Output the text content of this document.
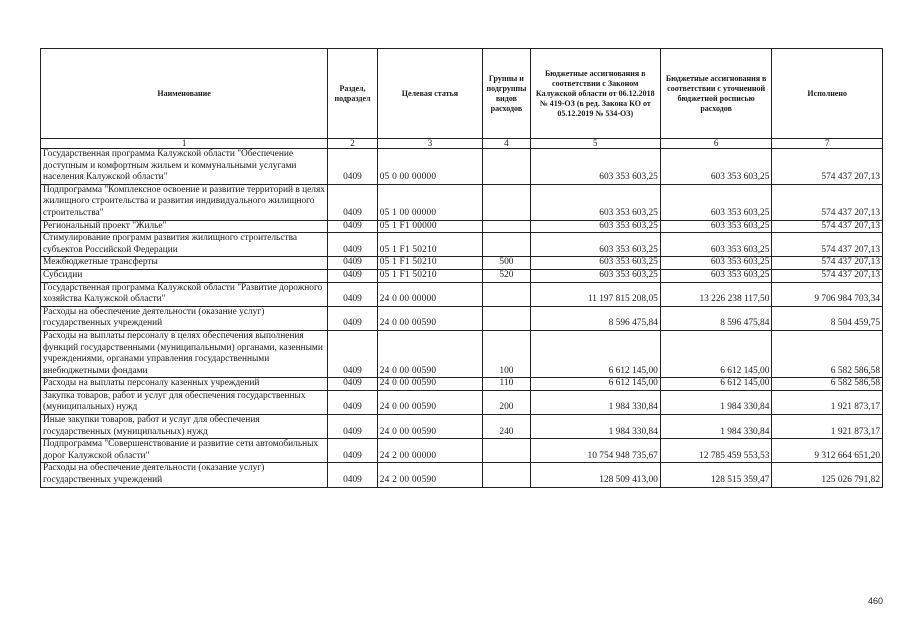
Наименование	Раздел, подраздел	Целевая статья	Группы и подгруппы видов расходов	Бюджетные ассигнования в соответствии с Законом Калужской области от 06.12.2018 № 419-ОЗ (в ред. Закона КО от 05.12.2019 № 534-ОЗ)	Бюджетные ассигнования в соответствии с уточненной бюджетной росписью расходов	Исполнено
1	2	3	4	5	6	7
Государственная программа Калужской области "Обеспечение доступным и комфортным жильем и коммунальными услугами населения Калужской области"	0409	05 0 00 00000		603 353 603,25	603 353 603,25	574 437 207,13
Подпрограмма "Комплексное освоение и развитие территорий в целях жилищного строительства и развития индивидуального жилищного строительства"	0409	05 1 00 00000		603 353 603,25	603 353 603,25	574 437 207,13
Региональный проект "Жилье"	0409	05 1 F1 00000		603 353 603,25	603 353 603,25	574 437 207,13
Стимулирование программ развития жилищного строительства субъектов Российской Федерации	0409	05 1 F1 50210		603 353 603,25	603 353 603,25	574 437 207,13
Межбюджетные трансферты	0409	05 1 F1 50210	500	603 353 603,25	603 353 603,25	574 437 207,13
Субсидии	0409	05 1 F1 50210	520	603 353 603,25	603 353 603,25	574 437 207,13
Государственная программа Калужской области "Развитие дорожного хозяйства Калужской области"	0409	24 0 00 00000		11 197 815 208,05	13 226 238 117,50	9 706 984 703,34
Расходы на обеспечение деятельности (оказание услуг) государственных учреждений	0409	24 0 00 00590		8 596 475,84	8 596 475,84	8 504 459,75
Расходы на выплаты персоналу в целях обеспечения выполнения функций государственными (муниципальными) органами, казенными учреждениями, органами управления государственными внебюджетными фондами	0409	24 0 00 00590	100	6 612 145,00	6 612 145,00	6 582 586,58
Расходы на выплаты персоналу казенных учреждений	0409	24 0 00 00590	110	6 612 145,00	6 612 145,00	6 582 586,58
Закупка товаров, работ и услуг для обеспечения государственных (муниципальных) нужд	0409	24 0 00 00590	200	1 984 330,84	1 984 330,84	1 921 873,17
Иные закупки товаров, работ и услуг для обеспечения государственных (муниципальных) нужд	0409	24 0 00 00590	240	1 984 330,84	1 984 330,84	1 921 873,17
Подпрограмма "Совершенствование и развитие сети автомобильных дорог Калужской области"	0409	24 2 00 00000		10 754 948 735,67	12 785 459 553,53	9 312 664 651,20
Расходы на обеспечение деятельности (оказание услуг) государственных учреждений	0409	24 2 00 00590		128 509 413,00	128 515 359,47	125 026 791,82
460
